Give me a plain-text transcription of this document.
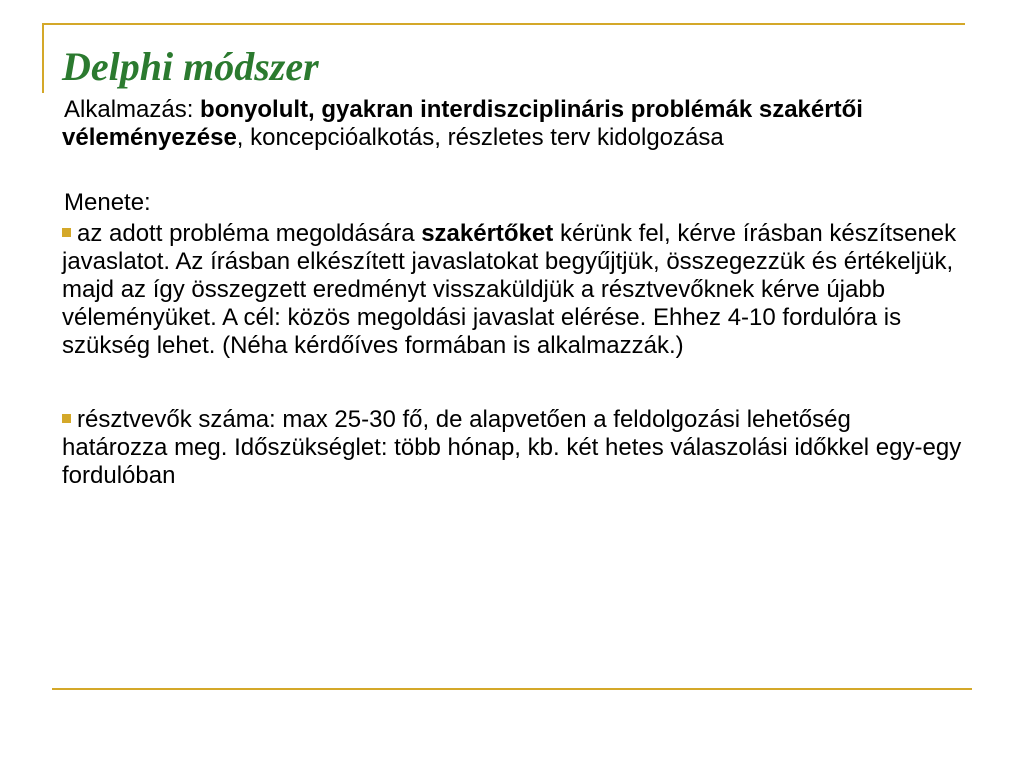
Delphi módszer

Alkalmazás: bonyolult, gyakran interdiszciplináris problémák szakértői véleményezése, koncepcióalkotás, részletes terv kidolgozása

Menete:

az adott probléma megoldására szakértőket kérünk fel, kérve írásban készítsenek javaslatot. Az írásban elkészített javaslatokat begyűjtjük, összegezzük és értékeljük, majd az így összegzett eredményt visszaküldjük a résztvevőknek kérve újabb véleményüket. A cél: közös megoldási javaslat elérése. Ehhez 4-10 fordulóra is szükség lehet. (Néha kérdőíves formában is alkalmazzák.)

résztvevők száma: max 25-30 fő, de alapvetően a feldolgozási lehetőség határozza meg. Időszükséglet: több hónap, kb. két hetes válaszolási időkkel egy-egy fordulóban
